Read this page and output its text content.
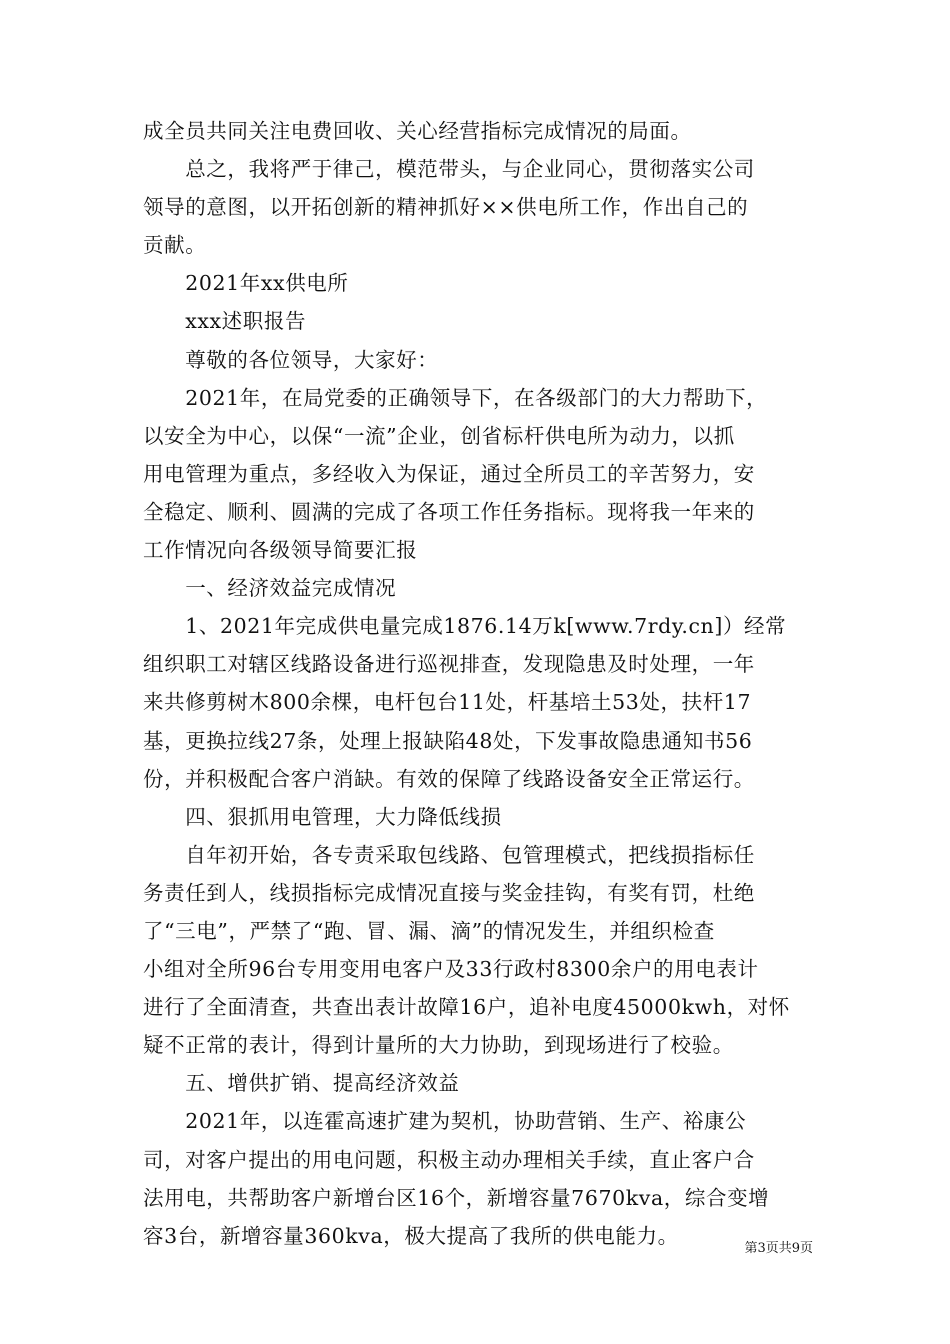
成全员共同关注电费回收、关心经营指标完成情况的局面。
　　总之，我将严于律己，模范带头，与企业同心，贯彻落实公司
领导的意图，以开拓创新的精神抓好××供电所工作，作出自己的
贡献。
　　2021年xx供电所
　　xxx述职报告
　　尊敬的各位领导，大家好：
　　2021年，在局党委的正确领导下，在各级部门的大力帮助下，
以安全为中心，以保“一流”企业，创省标杆供电所为动力，以抓
用电管理为重点，多经收入为保证，通过全所员工的辛苦努力，安
全稳定、顺利、圆满的完成了各项工作任务指标。现将我一年来的
工作情况向各级领导简要汇报
　　一、经济效益完成情况
　　1、2021年完成供电量完成1876.14万k[www.7rdy.cn]）经常
组织职工对辖区线路设备进行巡视排查，发现隐患及时处理，一年
来共修剪树木800余棵，电杆包台11处，杆基培土53处，扶杆17
基，更换拉线27条，处理上报缺陷48处，下发事故隐患通知书56
份，并积极配合客户消缺。有效的保障了线路设备安全正常运行。
　　四、狠抓用电管理，大力降低线损
　　自年初开始，各专责采取包线路、包管理模式，把线损指标任
务责任到人，线损指标完成情况直接与奖金挂钩，有奖有罚，杜绝
了“三电”，严禁了“跑、冒、漏、滴”的情况发生，并组织检查
小组对全所96台专用变用电客户及33行政村8300余户的用电表计
进行了全面清查，共查出表计故障16户，追补电度45000kwh，对怀
疑不正常的表计，得到计量所的大力协助，到现场进行了校验。
　　五、增供扩销、提高经济效益
　　2021年，以连霍高速扩建为契机，协助营销、生产、裕康公
司，对客户提出的用电问题，积极主动办理相关手续，直止客户合
法用电，共帮助客户新增台区16个，新增容量7670kva，综合变增
容3台，新增容量360kva，极大提高了我所的供电能力。
第3页共9页
